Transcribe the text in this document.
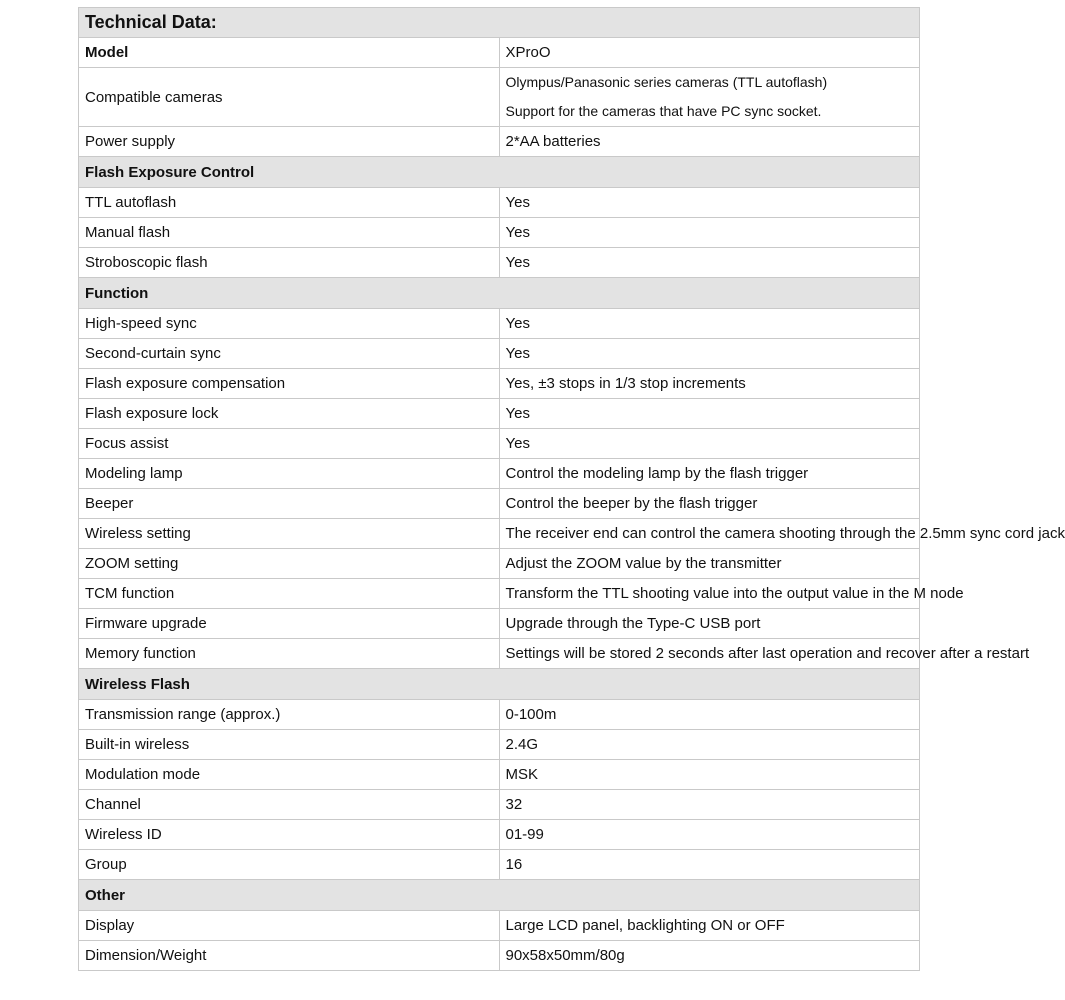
Technical Data:	
Model	XProO
Compatible cameras	Olympus/Panasonic series cameras (TTL autoflash)
Support for the cameras that have PC sync socket.

Power supply	2*AA batteries
Flash Exposure Control	
TTL autoflash	Yes
Manual flash	Yes
Stroboscopic flash	Yes
Function	
High-speed sync	Yes
Second-curtain sync	Yes
Flash exposure compensation	Yes, ±3 stops in 1/3 stop increments
Flash exposure lock	Yes
Focus assist	Yes
Modeling lamp	Control the modeling lamp by the flash trigger
Beeper	Control the beeper by the flash trigger
Wireless setting	The receiver end can control the camera shooting through the 2.5mm sync cord jack
ZOOM setting	Adjust the ZOOM value by the transmitter
TCM function	Transform the TTL shooting value into the output value in the M node
Firmware upgrade	Upgrade through the Type-C USB port
Memory function	Settings will be stored 2 seconds after last operation and recover after a restart
Wireless Flash	
Transmission range (approx.)	0-100m
Built-in wireless	2.4G
Modulation mode	MSK
Channel	32
Wireless ID	01-99
Group	16
Other	
Display	Large LCD panel, backlighting ON or OFF
Dimension/Weight	90x58x50mm/80g
